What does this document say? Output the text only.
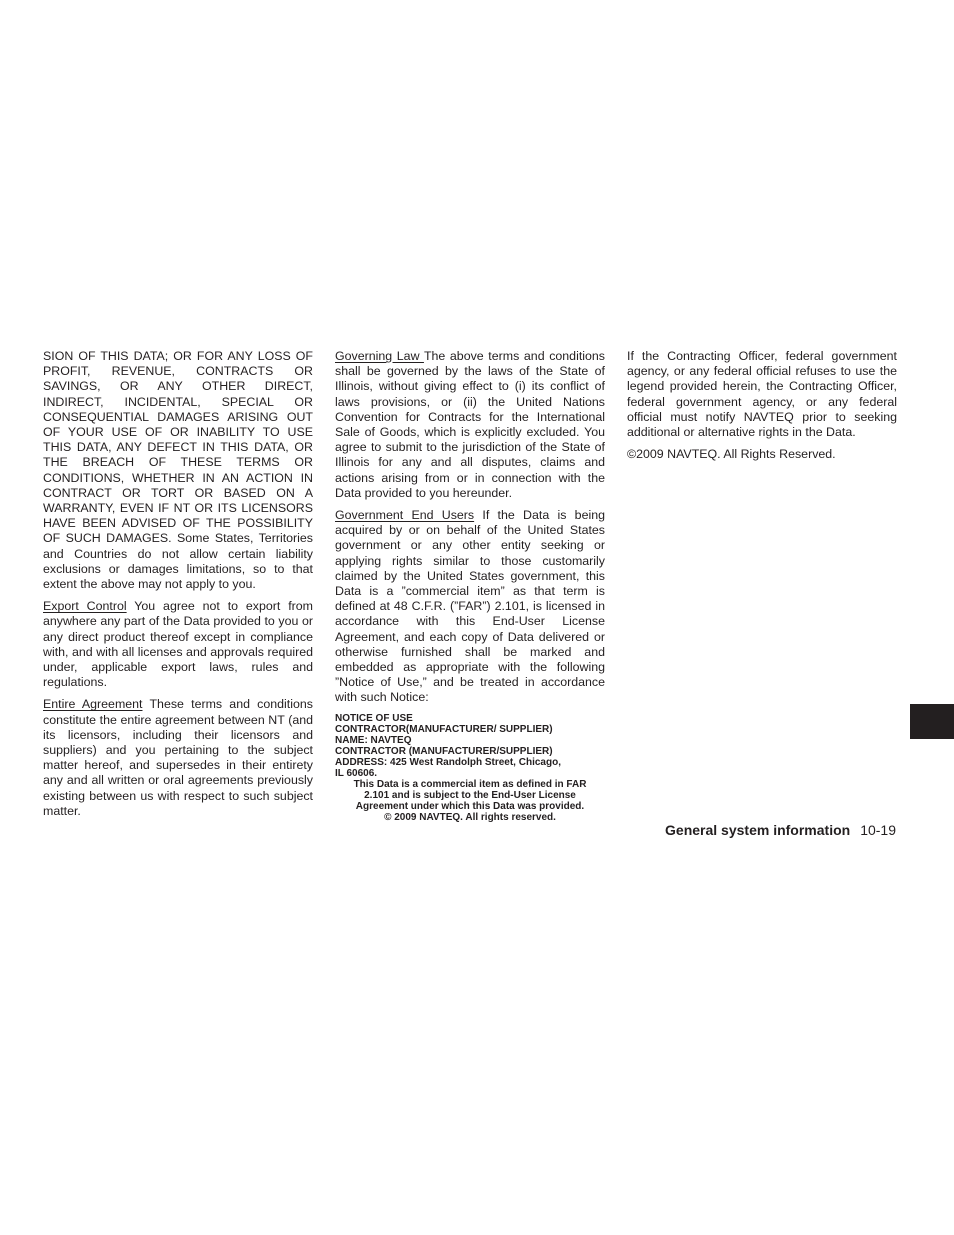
SION OF THIS DATA; OR FOR ANY LOSS OF PROFIT, REVENUE, CONTRACTS OR SAVINGS, OR ANY OTHER DIRECT, INDIRECT, INCIDENTAL, SPECIAL OR CONSEQUENTIAL DAMAGES ARISING OUT OF YOUR USE OF OR INABILITY TO USE THIS DATA, ANY DEFECT IN THIS DATA, OR THE BREACH OF THESE TERMS OR CONDITIONS, WHETHER IN AN ACTION IN CONTRACT OR TORT OR BASED ON A WARRANTY, EVEN IF NT OR ITS LICENSORS HAVE BEEN ADVISED OF THE POSSIBILITY OF SUCH DAMAGES. Some States, Territories and Countries do not allow certain liability exclusions or damages limitations, so to that extent the above may not apply to you.

Export Control You agree not to export from anywhere any part of the Data provided to you or any direct product thereof except in compliance with, and with all licenses and approvals required under, applicable export laws, rules and regulations.

Entire Agreement These terms and conditions constitute the entire agreement between NT (and its licensors, including their licensors and suppliers) and you pertaining to the subject matter hereof, and supersedes in their entirety any and all written or oral agreements previously existing between us with respect to such subject matter.

Governing Law The above terms and conditions shall be governed by the laws of the State of Illinois, without giving effect to (i) its conflict of laws provisions, or (ii) the United Nations Convention for Contracts for the International Sale of Goods, which is explicitly excluded. You agree to submit to the jurisdiction of the State of Illinois for any and all disputes, claims and actions arising from or in connection with the Data provided to you hereunder.

Government End Users If the Data is being acquired by or on behalf of the United States government or any other entity seeking or applying rights similar to those customarily claimed by the United States government, this Data is a ”commercial item” as that term is defined at 48 C.F.R. (”FAR”) 2.101, is licensed in accordance with this End-User License Agreement, and each copy of Data delivered or otherwise furnished shall be marked and embedded as appropriate with the following ”Notice of Use,” and be treated in accordance with such Notice:

NOTICE OF USE
CONTRACTOR(MANUFACTURER/ SUPPLIER)
NAME: NAVTEQ
CONTRACTOR (MANUFACTURER/SUPPLIER)
ADDRESS: 425 West Randolph Street, Chicago,
IL 60606.
This Data is a commercial item as defined in FAR
2.101 and is subject to the End-User License
Agreement under which this Data was provided.
© 2009 NAVTEQ. All rights reserved.

If the Contracting Officer, federal government agency, or any federal official refuses to use the legend provided herein, the Contracting Officer, federal government agency, or any federal official must notify NAVTEQ prior to seeking additional or alternative rights in the Data.

©2009 NAVTEQ. All Rights Reserved.

General system information 10-19
